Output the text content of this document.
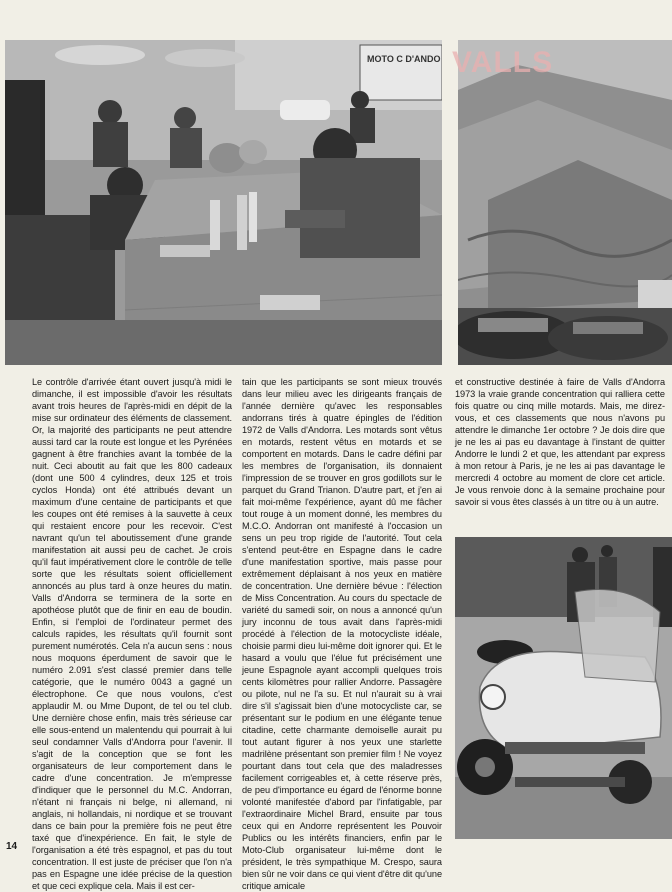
MOTO C D'ANDO VALLS

Le contrôle d'arrivée étant ouvert jusqu'à midi le dimanche, il est impossible d'avoir les résultats avant trois heures de l'après-midi en dépit de la mise sur ordinateur des éléments de classement. Or, la majorité des participants ne peut attendre aussi tard car la route est longue et les Pyrénées gagnent à être franchies avant la tombée de la nuit. Ceci aboutit au fait que les 800 cadeaux (dont une 500 4 cylindres, deux 125 et trois cyclos Honda) ont été attribués devant un maximum d'une centaine de participants et que les coupes ont été remises à la sauvette à ceux qui restaient encore pour les recevoir. C'est navrant qu'un tel aboutissement d'une grande manifestation ait aussi peu de cachet. Je crois qu'il faut impérativement clore le contrôle de telle sorte que les résultats soient officiellement annoncés au plus tard à onze heures du matin. Valls d'Andorra se terminera de la sorte en apothéose plutôt que de finir en eau de boudin. Enfin, si l'emploi de l'ordinateur permet des calculs rapides, les résultats qu'il fournit sont purement numérotés. Cela n'a aucun sens : nous nous moquons éperdument de savoir que le numéro 2.091 s'est classé premier dans telle catégorie, que le numéro 0043 a gagné un électrophone. Ce que nous voulons, c'est applaudir M. ou Mme Dupont, de tel ou tel club. Une dernière chose enfin, mais très sérieuse car elle sous-entend un malentendu qui pourrait à lui seul condamner Valls d'Andorra pour l'avenir. Il s'agit de la conception que se font les organisateurs de leur comportement dans le cadre d'une concentration. Je m'empresse d'indiquer que le personnel du M.C. Andorran, n'étant ni français ni belge, ni allemand, ni anglais, ni hollandais, ni nordique et se trouvant dans ce bain pour la première fois ne peut être taxé que d'inexpérience. En fait, le style de l'organisation a été très espagnol, et pas du tout concentration. Il est juste de préciser que l'on n'a pas en Espagne une idée précise de la question et que ceci explique cela. Mais il est cer-

tain que les participants se sont mieux trouvés dans leur milieu avec les dirigeants français de l'année dernière qu'avec les responsables andorrans tirés à quatre épingles de l'édition 1972 de Valls d'Andorra. Les motards sont vêtus en motards, restent vêtus en motards et se comportent en motards. Dans le cadre défini par les membres de l'organisation, ils donnaient l'impression de se trouver en gros godillots sur le parquet du Grand Trianon. D'autre part, et j'en ai fait moi-même l'expérience, ayant dû me fâcher tout rouge à un moment donné, les membres du M.C.O. Andorran ont manifesté à l'occasion un sens un peu trop rigide de l'autorité. Tout cela s'entend peut-être en Espagne dans le cadre d'une manifestation sportive, mais passe pour extrêmement déplaisant à nos yeux en matière de concentration. Une dernière bévue : l'élection de Miss Concentration. Au cours du spectacle de variété du samedi soir, on nous a annoncé qu'un jury inconnu de tous avait dans l'après-midi procédé à l'élection de la motocycliste idéale, choisie parmi dieu lui-même doit ignorer qui. Et le hasard a voulu que l'élue fut précisément une jeune Espagnole ayant accompli quelques trois cents kilomètres pour rallier Andorre. Passagère ou pilote, nul ne l'a su. Et nul n'aurait su à vrai dire s'il s'agissait bien d'une motocycliste car, se présentant sur le podium en une élégante tenue citadine, cette charmante demoiselle aurait pu tout autant figurer à nos yeux une starlette madrilène présentant son premier film ! Ne voyez pourtant dans tout cela que des maladresses facilement corrigeables et, à cette réserve près, de peu d'importance eu égard de l'énorme bonne volonté manifestée d'abord par l'infatigable, par l'extraordinaire Michel Brard, ensuite par tous ceux qui en Andorre représentent les Pouvoir Publics ou les intérêts financiers, enfin par le Moto-Club organisateur lui-même dont le président, le très sympathique M. Crespo, saura bien sûr ne voir dans ce qui vient d'être dit qu'une critique amicale

et constructive destinée à faire de Valls d'Andorra 1973 la vraie grande concentration qui ralliera cette fois quatre ou cinq mille motards. Mais, me direz-vous, et ces classements que nous n'avons pu attendre le dimanche 1er octobre ? Je dois dire que je ne les ai pas eu davantage à l'instant de quitter Andorre le lundi 2 et que, les attendant par express à mon retour à Paris, je ne les ai pas davantage le mercredi 4 octobre au moment de clore cet article. Je vous renvoie donc à la semaine prochaine pour savoir si vous êtes classés à un titre ou à un autre.

14
